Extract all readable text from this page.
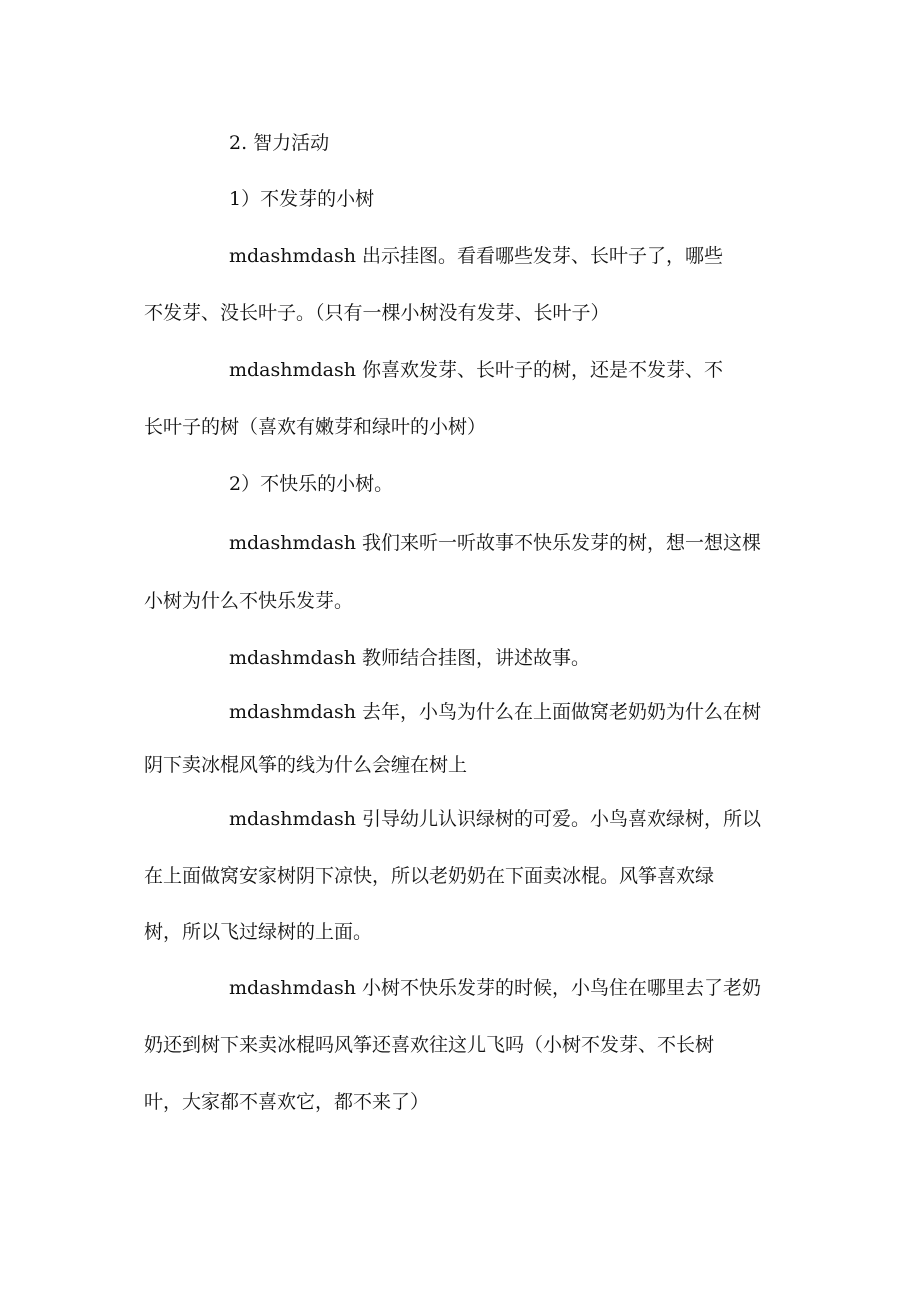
2. 智力活动
1）不发芽的小树
mdashmdash 出示挂图。看看哪些发芽、长叶子了，哪些
不发芽、没长叶子。（只有一棵小树没有发芽、长叶子）
mdashmdash 你喜欢发芽、长叶子的树，还是不发芽、不
长叶子的树（喜欢有嫩芽和绿叶的小树）
2）不快乐的小树。
mdashmdash 我们来听一听故事不快乐发芽的树，想一想这棵
小树为什么不快乐发芽。
mdashmdash 教师结合挂图，讲述故事。
mdashmdash 去年，小鸟为什么在上面做窝老奶奶为什么在树
阴下卖冰棍风筝的线为什么会缠在树上
mdashmdash 引导幼儿认识绿树的可爱。小鸟喜欢绿树，所以
在上面做窝安家树阴下凉快，所以老奶奶在下面卖冰棍。风筝喜欢绿
树，所以飞过绿树的上面。
mdashmdash 小树不快乐发芽的时候，小鸟住在哪里去了老奶
奶还到树下来卖冰棍吗风筝还喜欢往这儿飞吗（小树不发芽、不长树
叶，大家都不喜欢它，都不来了）
